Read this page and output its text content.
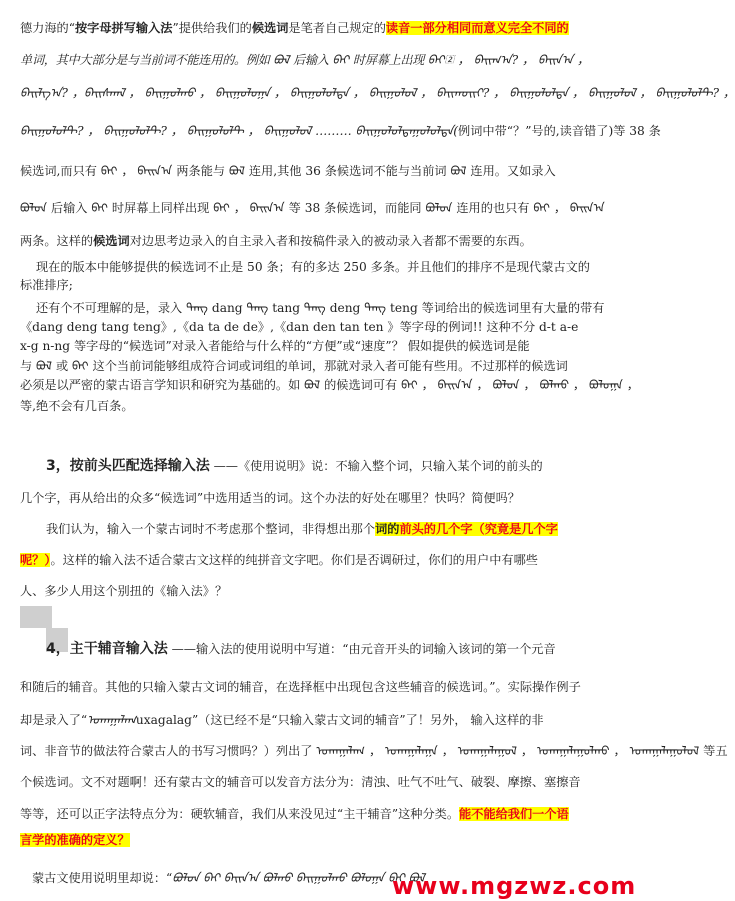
德力海的“按字母拼写输入法”提供给我们的候选词是笔者自己规定的读音一部分相同而意义完全不同的
单词，其中大部分是与当前词不能连用的。例如 ᠪᠣᠯ 后输入 ᠪᠠᠢ 时屏幕上出现 ᠪᠠᠢ᠌ ， ᠪᠠᠢᠭ᠎ᠠ? ， ᠪᠠᠢᠨ᠎ᠠ ，
ᠪᠠᠢᠯᠭ᠎ᠠ? ，ᠪᠠᠢᠰᠭᠠᠯ ， ᠪᠠᠢᠭᠤᠯᠬᠤ ， ᠪᠠᠢᠭᠤᠯᠤᠭᠠ ， ᠪᠠᠢᠭᠤᠯᠤᠯᠲᠠ ， ᠪᠠᠢᠭᠤᠯᠤᠯ ， ᠪᠠᠢᠬᠤᠢᠢ? ， ᠪᠠᠢᠭᠤᠯᠤᠯᠲᠠ ， ᠪᠠᠢᠭᠤᠯᠤᠯ ， ᠪᠠᠢᠭᠤᠯᠤᠯᠲ? ，
ᠪᠠᠢᠭᠤᠯᠤᠯᠲ? ， ᠪᠠᠢᠭᠤᠯᠤᠯᠲ? ， ᠪᠠᠢᠭᠤᠯᠤᠯᠲ ， ᠪᠠᠢᠭᠤᠯᠤᠯ ……… ᠪᠠᠢᠭᠤᠯᠤᠯᠲᠠᠭᠤᠯᠤᠯᠲᠠ(例词中带“？”号的,读音错了)等 38 条
候选词,而只有 ᠪᠠᠢ ， ᠪᠠᠢᠨ᠎ᠠ 两条能与 ᠪᠣᠯ 连用,其他 36 条候选词不能与当前词 ᠪᠣᠯ 连用。又如录入
ᠪᠣᠯᠤᠨ 后输入 ᠪᠠᠢ 时屏幕上同样出现 ᠪᠠᠢ ， ᠪᠠᠢᠨ᠎ᠠ 等 38 条候选词，而能同 ᠪᠣᠯᠤᠨ 连用的也只有 ᠪᠠᠢ ， ᠪᠠᠢᠨ᠎ᠠ
两条。这样的候选词对边思考边录入的自主录入者和按稿件录入的被动录入者都不需要的东西。
现在的版本中能够提供的候选词不止是 50 条；有的多达 250 多条。并且他们的排序不是现代蒙古文的
标准排序;
还有个不可理解的是，录入 ᠳᠠᠩ dang ᠲᠠᠩ tang ᠳᠡᠩ deng ᠲᠡᠩ teng 等词给出的候选词里有大量的带有
《dang deng tang teng》,《da ta de de》,《dan den tan ten 》等字母的例词!! 这种不分 d-t a-e
x-g n-ng 等字母的“候选词”对录入者能给与什么样的“方便”或“速度”？ 假如提供的候选词是能
与 ᠪᠣᠯ 或 ᠪᠠᠢ 这个当前词能够组成符合词或词组的单词，那就对录入者可能有些用。不过那样的候选词
必须是以严密的蒙古语言学知识和研究为基础的。如 ᠪᠣᠯ 的候选词可有 ᠪᠠᠢ ， ᠪᠠᠢᠨ᠎ᠠ ， ᠪᠣᠯᠤᠨ ， ᠪᠣᠯᠬᠤ ， ᠪᠣᠯᠤᠭᠠ ，
等,绝不会有几百条。
3，按前头匹配选择输入法 ——《使用说明》说：不输入整个词，只输入某个词的前头的
几个字，再从给出的众多“候选词”中选用适当的词。这个办法的好处在哪里？快吗？简便吗？
我们认为，输入一个蒙古词时不考虑那个整词，非得想出那个词的前头的几个字（究竟是几个字
呢？）。这样的输入法不适合蒙古文这样的纯拼音文字吧。你们是否调研过，你们的用户中有哪些
人、多少人用这个别扭的《输入法》？
4，主干辅音输入法 ——输入法的使用说明中写道：“由元音开头的词输入该词的第一个元音
和随后的辅音。其他的只输入蒙古文词的辅音，在选择框中出现包含这些辅音的候选词。”。实际操作例子
却是录入了“ᠤᠬᠠᠭᠠᠯᠠᠭuxagalag”（这已经不是“只输入蒙古文词的辅音”了！另外， 输入这样的非
词、非音节的做法符合蒙古人的书写习惯吗？）列出了 ᠤᠬᠠᠭᠠᠯᠠᠭ ， ᠤᠬᠠᠭᠠᠯᠠᠭᠠ ， ᠤᠬᠠᠭᠠᠯᠠᠭᠤᠯ ， ᠤᠬᠠᠭᠠᠯᠠᠭᠤᠯᠬᠤ ， ᠤᠬᠠᠭᠠᠯᠠᠭᠤᠯᠤᠯ 等五
个候选词。文不对题啊！还有蒙古文的辅音可以发音方法分为：清浊、吐气不吐气、破裂、摩擦、塞擦音
等等，还可以正字法特点分为：硬软辅音，我们从来没见过“主干辅音”这种分类。能不能给我们一个语
言学的准确的定义？
蒙古文使用说明里却说：“ᠪᠣᠯᠤᠨ ᠪᠠᠢ ᠪᠠᠢᠨ᠎ᠠ ᠪᠣᠯᠬᠤ ᠪᠠᠢᠭᠤᠯᠬᠤ ᠪᠣᠯᠤᠭᠠ ᠪᠠᠢ ᠪᠣᠯ
www.mgzwz.com
